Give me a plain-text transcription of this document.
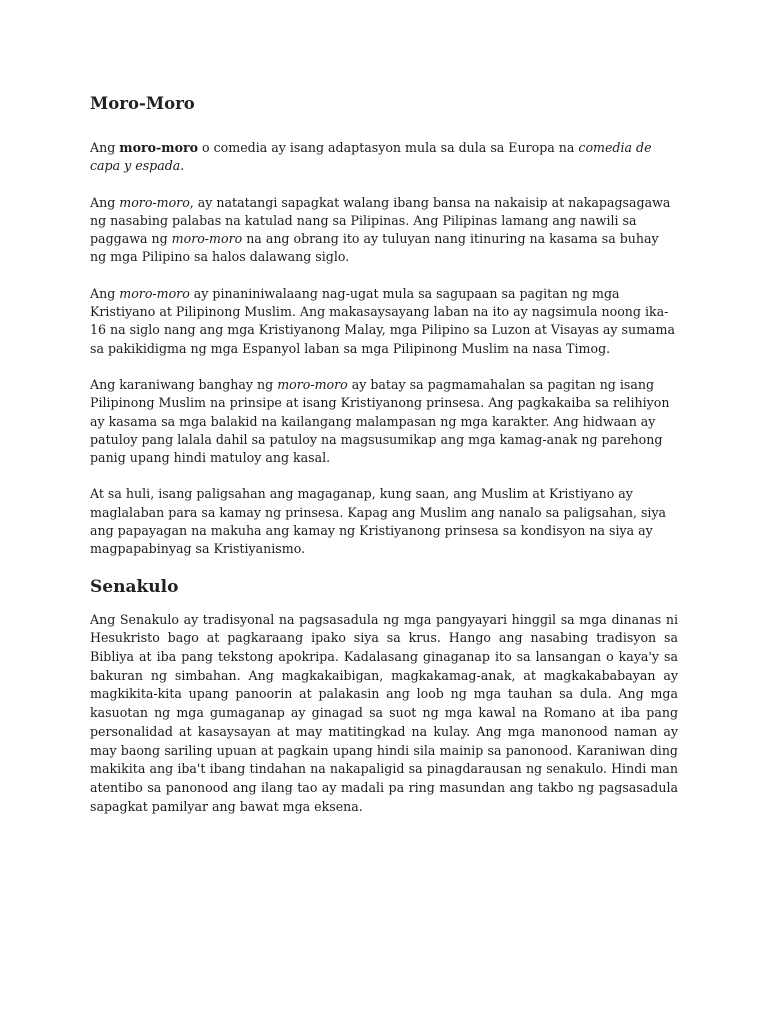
Moro-Moro

Ang moro-moro o comedia ay isang adaptasyon mula sa dula sa Europa na comedia de capa y espada.

Ang moro-moro, ay natatangi sapagkat walang ibang bansa na nakaisip at nakapagsagawa ng nasabing palabas na katulad nang sa Pilipinas. Ang Pilipinas lamang ang nawili sa paggawa ng moro-moro na ang obrang ito ay tuluyan nang itinuring na kasama sa buhay ng mga Pilipino sa halos dalawang siglo.

Ang moro-moro ay pinaniniwalaang nag-ugat mula sa sagupaan sa pagitan ng mga Kristiyano at Pilipinong Muslim. Ang makasaysayang laban na ito ay nagsimula noong ika-16 na siglo nang ang mga Kristiyanong Malay, mga Pilipino sa Luzon at Visayas ay sumama sa pakikidigma ng mga Espanyol laban sa mga Pilipinong Muslim na nasa Timog.

Ang karaniwang banghay ng moro-moro ay batay sa pagmamahalan sa pagitan ng isang Pilipinong Muslim na prinsipe at isang Kristiyanong prinsesa. Ang pagkakaiba sa relihiyon ay kasama sa mga balakid na kailangang malampasan ng mga karakter. Ang hidwaan ay patuloy pang lalala dahil sa patuloy na magsusumikap ang mga kamag-anak ng parehong panig upang hindi matuloy ang kasal.

At sa huli, isang paligsahan ang magaganap, kung saan, ang Muslim at Kristiyano ay maglalaban para sa kamay ng prinsesa. Kapag ang Muslim ang nanalo sa paligsahan, siya ang papayagan na makuha ang kamay ng Kristiyanong prinsesa sa kondisyon na siya ay magpapabinyag sa Kristiyanismo.

Senakulo

Ang Senakulo ay tradisyonal na pagsasadula ng mga pangyayari hinggil sa mga dinanas ni Hesukristo bago at pagkaraang ipako siya sa krus. Hango ang nasabing tradisyon sa Bibliya at iba pang tekstong apokripa. Kadalasang ginaganap ito sa lansangan o kaya'y sa bakuran ng simbahan. Ang magkakaibigan, magkakamag-anak, at magkakababayan ay magkikita-kita upang panoorin at palakasin ang loob ng mga tauhan sa dula. Ang mga kasuotan ng mga gumaganap ay ginagad sa suot ng mga kawal na Romano at iba pang personalidad at kasaysayan at may matitingkad na kulay. Ang mga manonood naman ay may baong sariling upuan at pagkain upang hindi sila mainip sa panonood. Karaniwan ding makikita ang iba't ibang tindahan na nakapaligid sa pinagdarausan ng senakulo. Hindi man atentibo sa panonood ang ilang tao ay madali pa ring masundan ang takbo ng pagsasadula sapagkat pamilyar ang bawat mga eksena.
